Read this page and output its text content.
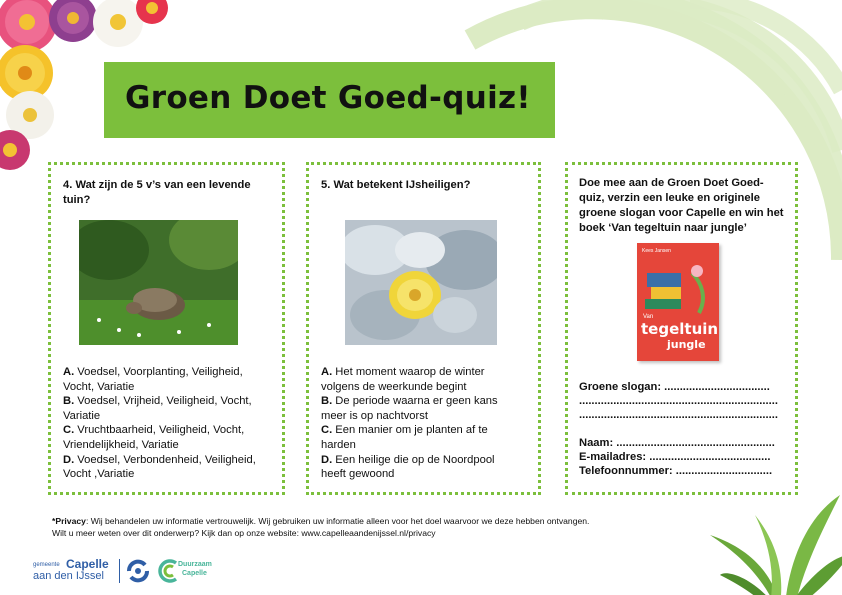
Groen Doet Goed-quiz!
4. Wat zijn de 5 v’s van een levende tuin?
A. Voedsel, Voorplanting, Veiligheid, Vocht, Variatie
B. Voedsel, Vrijheid, Veiligheid, Vocht, Variatie
C. Vruchtbaarheid, Veiligheid, Vocht, Vriendelijkheid, Variatie
D. Voedsel, Verbondenheid, Veiligheid, Vocht ,Variatie
5. Wat betekent IJsheiligen?
A. Het moment waarop de winter volgens de weerkunde begint
B. De periode waarna er geen kans meer is op nachtvorst
C. Een manier om je planten af te harden
D. Een heilige die op de Noordpool heeft gewoond
Doe mee aan de Groen Doet Goed-quiz, verzin een leuke en originele groene slogan voor Capelle en win het boek ‘Van tegeltuin naar jungle’
Kees Jansen
Van
tegeltuin
jungle
Groene slogan: ..................................
................................................................
................................................................
Naam: ...................................................
E-mailadres: .......................................
Telefoonnummer: ...............................
*Privacy: Wij behandelen uw informatie vertrouwelijk. Wij gebruiken uw informatie alleen voor het doel waarvoor we deze hebben ontvangen.
Wilt u meer weten over dit onderwerp? Kijk dan op onze website: www.capelleaandenijssel.nl/privacy
gemeente Capelle
aan den IJssel
Duurzaam
Capelle
